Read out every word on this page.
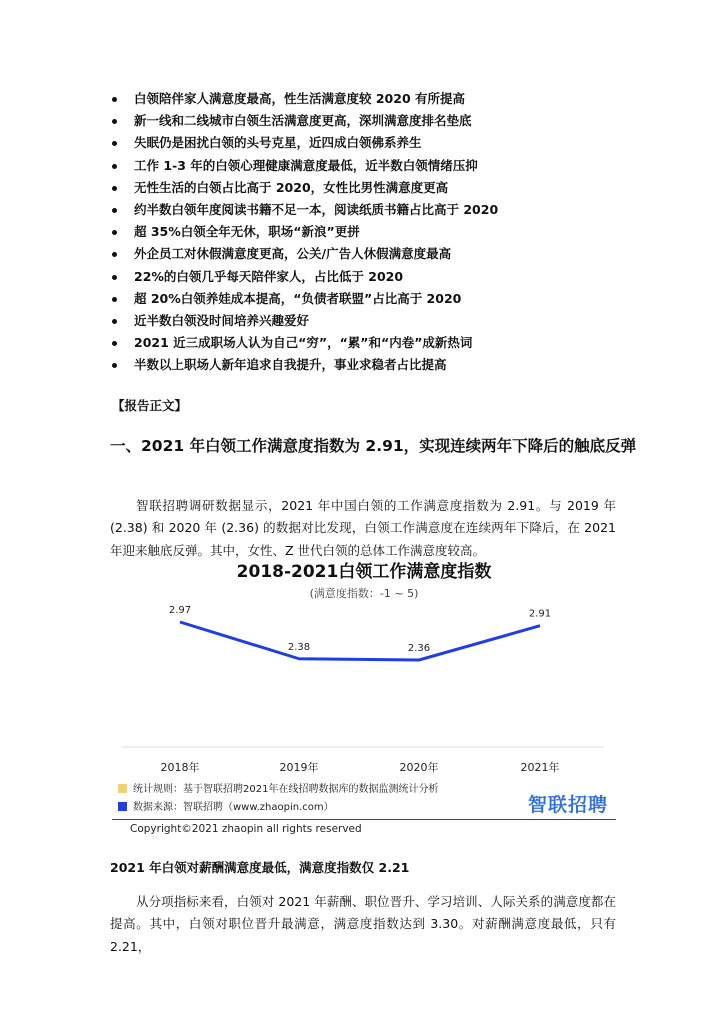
白领陪伴家人满意度最高，性生活满意度较 2020 有所提高
新一线和二线城市白领生活满意度更高，深圳满意度排名垫底
失眠仍是困扰白领的头号克星，近四成白领佛系养生
工作 1-3 年的白领心理健康满意度最低，近半数白领情绪压抑
无性生活的白领占比高于 2020，女性比男性满意度更高
约半数白领年度阅读书籍不足一本，阅读纸质书籍占比高于 2020
超 35%白领全年无休，职场“新浪”更拼
外企员工对休假满意度更高，公关/广告人休假满意度最高
22%的白领几乎每天陪伴家人，占比低于 2020
超 20%白领养娃成本提高，“负债者联盟”占比高于 2020
近半数白领没时间培养兴趣爱好
2021 近三成职场人认为自己“穷”，“累”和“内卷”成新热词
半数以上职场人新年追求自我提升，事业求稳者占比提高
【报告正文】
一、2021 年白领工作满意度指数为 2.91，实现连续两年下降后的触底反弹

智联招聘调研数据显示，2021 年中国白领的工作满意度指数为 2.91。与 2019 年(2.38) 和 2020 年 (2.36) 的数据对比发现，白领工作满意度在连续两年下降后，在 2021 年迎来触底反弹。其中，女性、Z 世代白领的总体工作满意度较高。

2.97
2.38	2.36
2.91
2018年	2019年	2020年	2021年
2018-2021白领工作满意度指数
(满意度指数：-1 ~ 5)
统计规则：基于智联招聘2021年在线招聘数据库的数据监测统计分析
数据来源：智联招聘（www.zhaopin.com）	智联招聘
Copyright©2021 zhaopin all rights reserved
2021 年白领对薪酬满意度最低，满意度指数仅 2.21

从分项指标来看，白领对 2021 年薪酬、职位晋升、学习培训、人际关系的满意度都在提高。其中，白领对职位晋升最满意，满意度指数达到 3.30。对薪酬满意度最低，只有 2.21，
